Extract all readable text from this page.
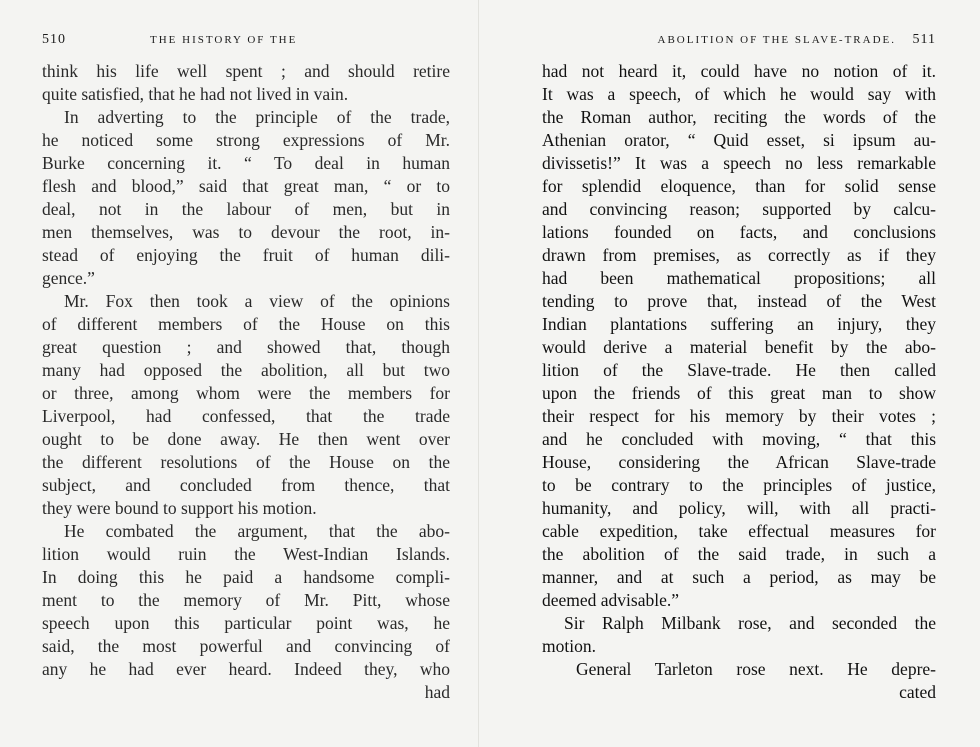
510	THE HISTORY OF THE
think his life well spent ; and should retire
quite satisfied, that he had not lived in vain.
In adverting to the principle of the trade,
he noticed some strong expressions of Mr.
Burke concerning it. “ To deal in human
flesh and blood,” said that great man, “ or to
deal, not in the labour of men, but in
men themselves, was to devour the root, in-
stead of enjoying the fruit of human dili-
gence.”
Mr. Fox then took a view of the opinions
of different members of the House on this
great question ; and showed that, though
many had opposed the abolition, all but two
or three, among whom were the members for
Liverpool, had confessed, that the trade
ought to be done away. He then went over
the different resolutions of the House on the
subject, and concluded from thence, that
they were bound to support his motion.
He combated the argument, that the abo-
lition would ruin the West-Indian Islands.
In doing this he paid a handsome compli-
ment to the memory of Mr. Pitt, whose
speech upon this particular point was, he
said, the most powerful and convincing of
any he had ever heard. Indeed they, who
had
ABOLITION OF THE SLAVE-TRADE. 511
had not heard it, could have no notion of it.
It was a speech, of which he would say with
the Roman author, reciting the words of the
Athenian orator, “ Quid esset, si ipsum au-
divissetis!” It was a speech no less remarkable
for splendid eloquence, than for solid sense
and convincing reason; supported by calcu-
lations founded on facts, and conclusions
drawn from premises, as correctly as if they
had been mathematical propositions; all
tending to prove that, instead of the West
Indian plantations suffering an injury, they
would derive a material benefit by the abo-
lition of the Slave-trade. He then called
upon the friends of this great man to show
their respect for his memory by their votes ;
and he concluded with moving, “ that this
House, considering the African Slave-trade
to be contrary to the principles of justice,
humanity, and policy, will, with all practi-
cable expedition, take effectual measures for
the abolition of the said trade, in such a
manner, and at such a period, as may be
deemed advisable.”
Sir Ralph Milbank rose, and seconded the
motion.
General Tarleton rose next. He depre-
cated
